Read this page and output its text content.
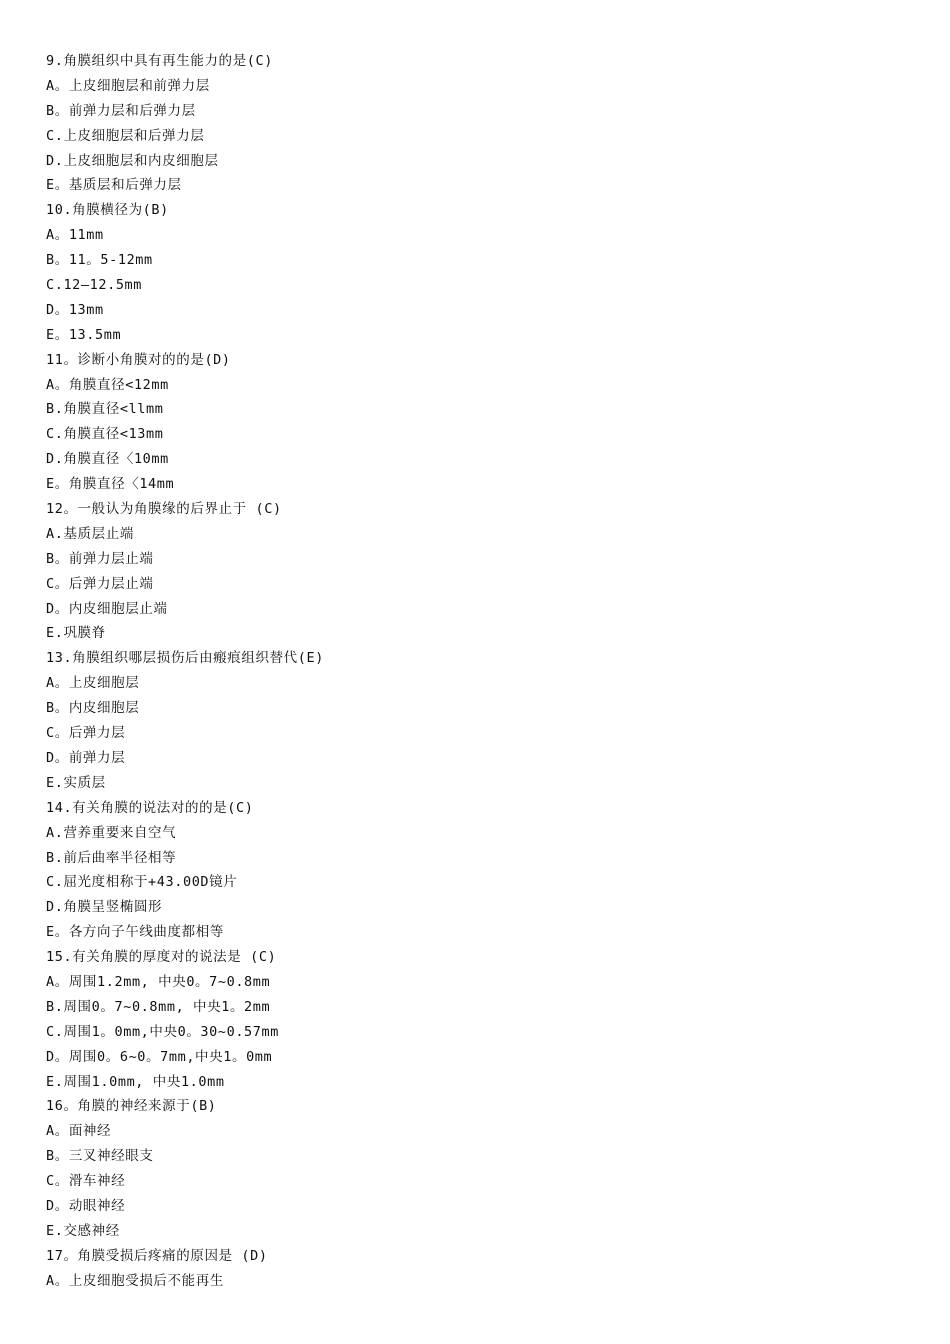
9.角膜组织中具有再生能力的是(C)
A。上皮细胞层和前弹力层
B。前弹力层和后弹力层
C.上皮细胞层和后弹力层
D.上皮细胞层和内皮细胞层
E。基质层和后弹力层
10.角膜横径为(B)
A。11mm
B。11。5-12mm
C.12—12.5mm
D。13mm
E。13.5mm
11。诊断小角膜对的的是(D)
A。角膜直径<12mm
B.角膜直径<llmm
C.角膜直径<13mm
D.角膜直径〈10mm
E。角膜直径〈14mm
12。一般认为角膜缘的后界止于 (C)
A.基质层止端
B。前弹力层止端
C。后弹力层止端
D。内皮细胞层止端
E.巩膜脊
13.角膜组织哪层损伤后由瘢痕组织替代(E)
A。上皮细胞层
B。内皮细胞层
C。后弹力层
D。前弹力层
E.实质层
14.有关角膜的说法对的的是(C)
A.营养重要来自空气
B.前后曲率半径相等
C.屈光度相称于+43.00D镜片
D.角膜呈竖椭圆形
E。各方向子午线曲度都相等
15.有关角膜的厚度对的说法是 (C)
A。周围1.2mm, 中央0。7~0.8mm
B.周围0。7~0.8mm, 中央1。2mm
C.周围1。0mm,中央0。30~0.57mm
D。周围0。6~0。7mm,中央1。0mm
E.周围1.0mm, 中央1.0mm
16。角膜的神经来源于(B)
A。面神经
B。三叉神经眼支
C。滑车神经
D。动眼神经
E.交感神经
17。角膜受损后疼痛的原因是 (D)
A。上皮细胞受损后不能再生
